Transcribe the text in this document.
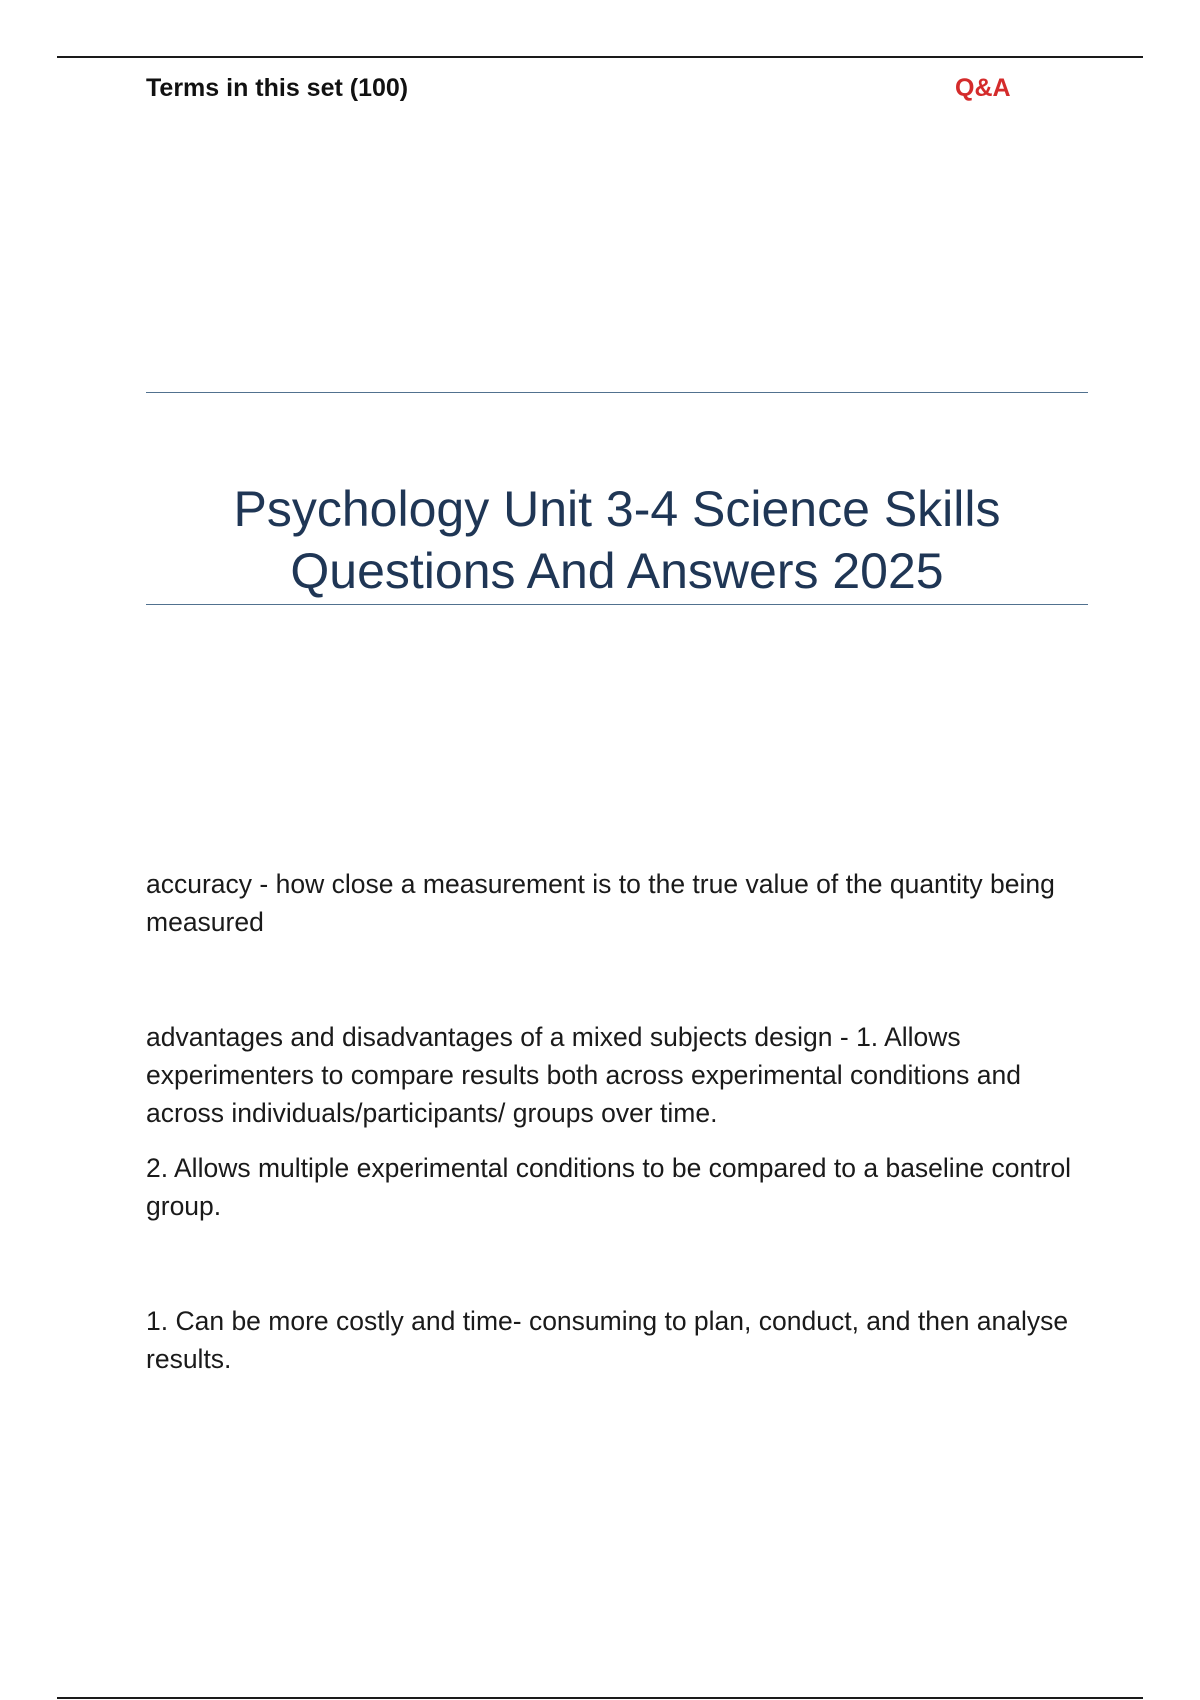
Terms in this set (100)	Q&A
Psychology Unit 3-4 Science Skills
Questions And Answers 2025

accuracy - how close a measurement is to the true value of the quantity being measured

advantages and disadvantages of a mixed subjects design - 1. Allows experimenters to compare results both across experimental conditions and across individuals/participants/ groups over time.

2. Allows multiple experimental conditions to be compared to a baseline control group.

1. Can be more costly and time- consuming to plan, conduct, and then analyse results.
